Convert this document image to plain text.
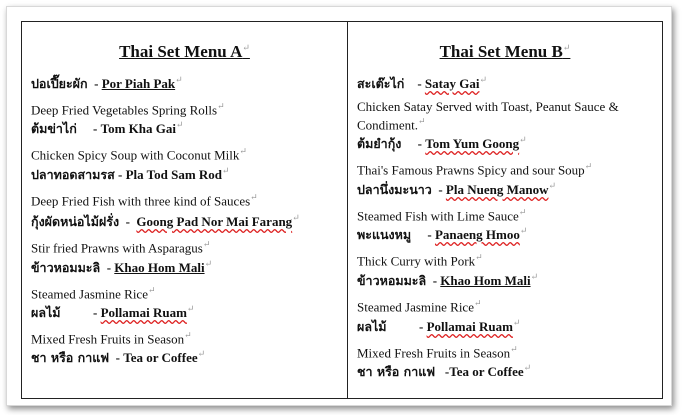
Thai Set Menu A↵
ปอเปี๊ยะผัก  - Por Piah Pak↵
Deep Fried Vegetables Spring Rolls↵
ต้มข่าไก่     - Tom Kha Gai↵
Chicken Spicy Soup with Coconut Milk↵
ปลาทอดสามรส - Pla Tod Sam Rod↵
Deep Fried Fish with three kind of Sauces↵
กุ้งผัดหน่อไม้ฝรั่ง  -  Goong Pad Nor Mai Farang↵
Stir fried Prawns with Asparagus↵
ข้าวหอมมะลิ  - Khao Hom Mali↵
Steamed Jasmine Rice↵
ผลไม้          - Pollamai Ruam↵
Mixed Fresh Fruits in Season↵
ชา หรือ กาแฟ  - Tea or Coffee↵
Thai Set Menu B↵
สะเต๊ะไก่    - Satay Gai↵
Chicken Satay Served with Toast, Peanut Sauce & Condiment.↵
ต้มยำกุ้ง     - Tom Yum Goong↵
Thai's Famous Prawns Spicy and sour Soup↵
ปลานึ่งมะนาว  - Pla Nueng Manow↵
Steamed Fish with Lime Sauce↵
พะแนงหมู     - Panaeng Hmoo↵
Thick Curry with Pork↵
ข้าวหอมมะลิ  - Khao Hom Mali↵
Steamed Jasmine Rice↵
ผลไม้          - Pollamai Ruam↵
Mixed Fresh Fruits in Season↵
ชา หรือ กาแฟ   -Tea or Coffee↵
